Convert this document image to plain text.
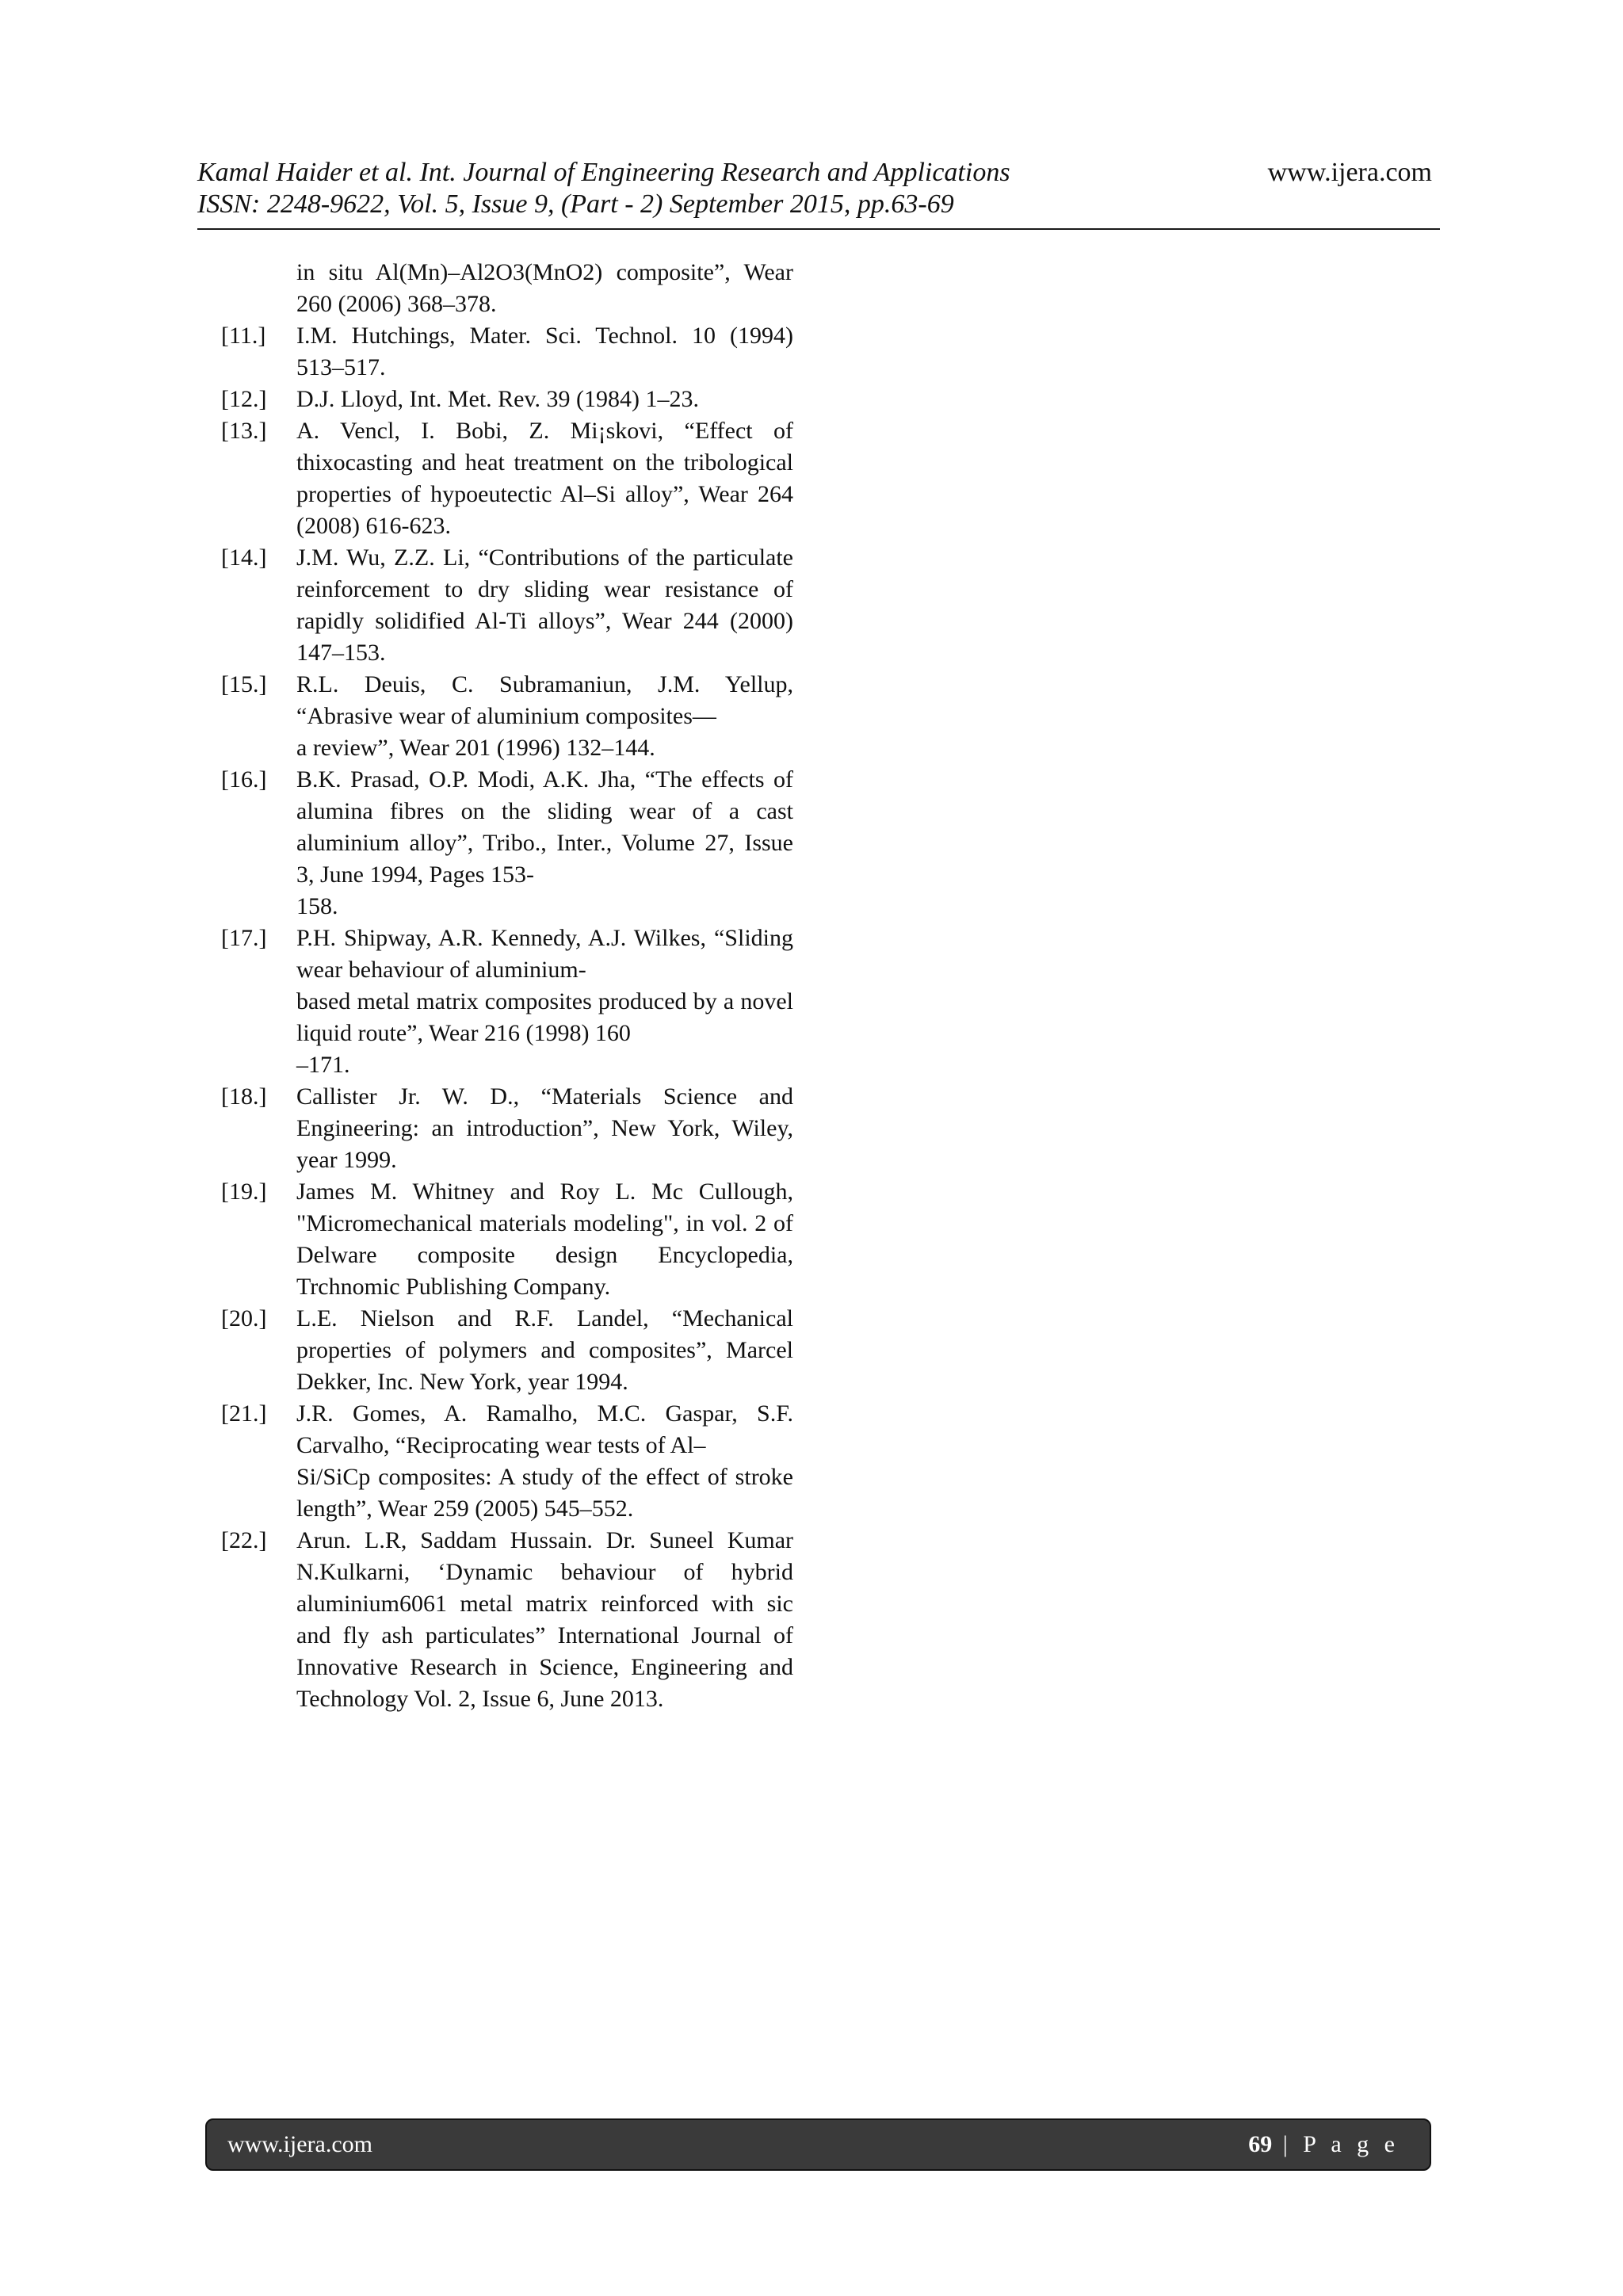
Kamal Haider et al. Int. Journal of Engineering Research and Applications
ISSN: 2248-9622, Vol. 5, Issue 9, (Part - 2) September 2015, pp.63-69
www.ijera.com
in situ Al(Mn)–Al2O3(MnO2) composite”, Wear 260 (2006) 368–378.
[11.] I.M. Hutchings, Mater. Sci. Technol. 10 (1994) 513–517.
[12.] D.J. Lloyd, Int. Met. Rev. 39 (1984) 1–23.
[13.] A. Vencl, I. Bobi, Z. Mi¡skovi, “Effect of thixocasting and heat treatment on the tribological properties of hypoeutectic Al–Si alloy”, Wear 264 (2008) 616-623.
[14.] J.M. Wu, Z.Z. Li, “Contributions of the particulate reinforcement to dry sliding wear resistance of rapidly solidified Al-Ti alloys”, Wear 244 (2000) 147–153.
[15.] R.L. Deuis, C. Subramaniun, J.M. Yellup, “Abrasive wear of aluminium composites—
a review”, Wear 201 (1996) 132–144.
[16.] B.K. Prasad, O.P. Modi, A.K. Jha, “The effects of alumina fibres on the sliding wear of a cast aluminium alloy”, Tribo., Inter., Volume 27, Issue 3, June 1994, Pages 153-
158.
[17.] P.H. Shipway, A.R. Kennedy, A.J. Wilkes, “Sliding wear behaviour of aluminium-
based metal matrix composites produced by a novel liquid route”, Wear 216 (1998) 160
–171.
[18.] Callister Jr. W. D., “Materials Science and Engineering: an introduction”, New York, Wiley, year 1999.
[19.] James M. Whitney and Roy L. Mc Cullough, "Micromechanical materials modeling", in vol. 2 of Delware composite design Encyclopedia, Trchnomic Publishing Company.
[20.] L.E. Nielson and R.F. Landel, “Mechanical properties of polymers and composites”, Marcel Dekker, Inc. New York, year 1994.
[21.] J.R. Gomes, A. Ramalho, M.C. Gaspar, S.F. Carvalho, “Reciprocating wear tests of Al–
Si/SiCp composites: A study of the effect of stroke length”, Wear 259 (2005) 545–552.
[22.] Arun. L.R, Saddam Hussain. Dr. Suneel Kumar N.Kulkarni, ‘Dynamic behaviour of hybrid aluminium6061 metal matrix reinforced with sic and fly ash particulates” International Journal of Innovative Research in Science, Engineering and Technology Vol. 2, Issue 6, June 2013.
www.ijera.com	69 | P a g e
